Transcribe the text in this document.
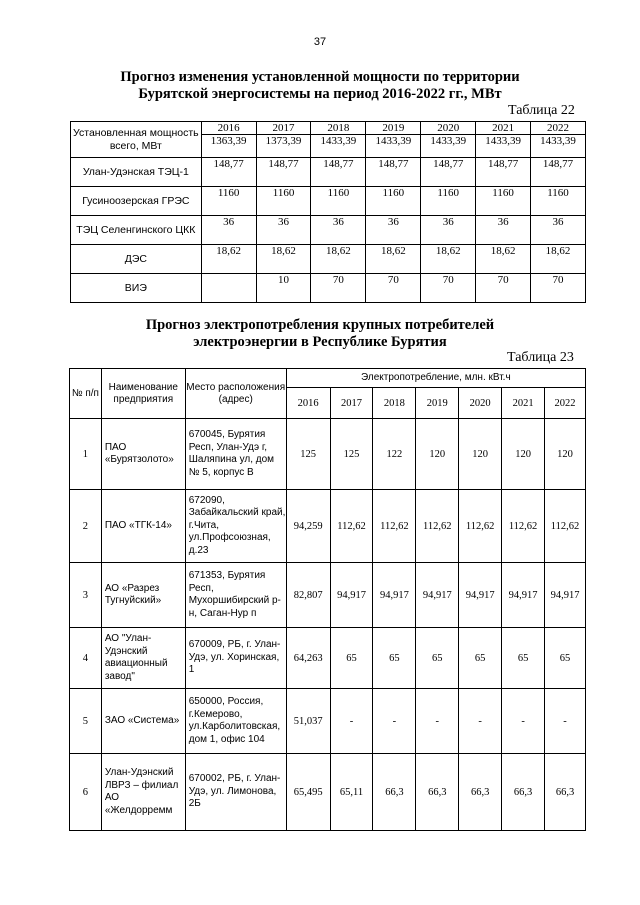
37
Прогноз изменения установленной мощности по территории
Бурятской энергосистемы на период 2016-2022 гг., МВт
Таблица 22
Установленная мощность всего, МВт	2016	2017	2018	2019	2020	2021	2022
	1363,39	1373,39	1433,39	1433,39	1433,39	1433,39	1433,39
Улан-Удэнская ТЭЦ-1	148,77	148,77	148,77	148,77	148,77	148,77	148,77
Гусиноозерская ГРЭС	1160	1160	1160	1160	1160	1160	1160
ТЭЦ Селенгинского ЦКК	36	36	36	36	36	36	36
ДЭС	18,62	18,62	18,62	18,62	18,62	18,62	18,62
ВИЭ		10	70	70	70	70	70
Прогноз электропотребления крупных потребителей
электроэнергии в Республике Бурятия
Таблица 23
№ п/п	Наименование предприятия	Место расположения (адрес)	Электропотребление, млн. кВт.ч						
			2016	2017	2018	2019	2020	2021	2022
1	ПАО «Бурятзолото»	670045, Бурятия Респ, Улан-Удэ г, Шаляпина ул, дом № 5, корпус В	125	125	122	120	120	120	120
2	ПАО «ТГК-14»	672090, Забайкальский край, г.Чита, ул.Профсоюзная, д.23	94,259	112,62	112,62	112,62	112,62	112,62	112,62
3	АО «Разрез Тугнуйский»	671353, Бурятия Респ, Мухоршибирский р-н, Саган-Нур п	82,807	94,917	94,917	94,917	94,917	94,917	94,917
4	АО "Улан-Удэнский авиационный завод"	670009, РБ, г. Улан-Удэ, ул. Хоринская, 1	64,263	65	65	65	65	65	65
5	ЗАО «Система»	650000, Россия, г.Кемерово, ул.Карболитовская, дом 1, офис 104	51,037	-	-	-	-	-	-
6	Улан-Удэнский ЛВРЗ – филиал АО «Желдорремм	670002, РБ, г. Улан-Удэ, ул. Лимонова, 2Б	65,495	65,11	66,3	66,3	66,3	66,3	66,3
